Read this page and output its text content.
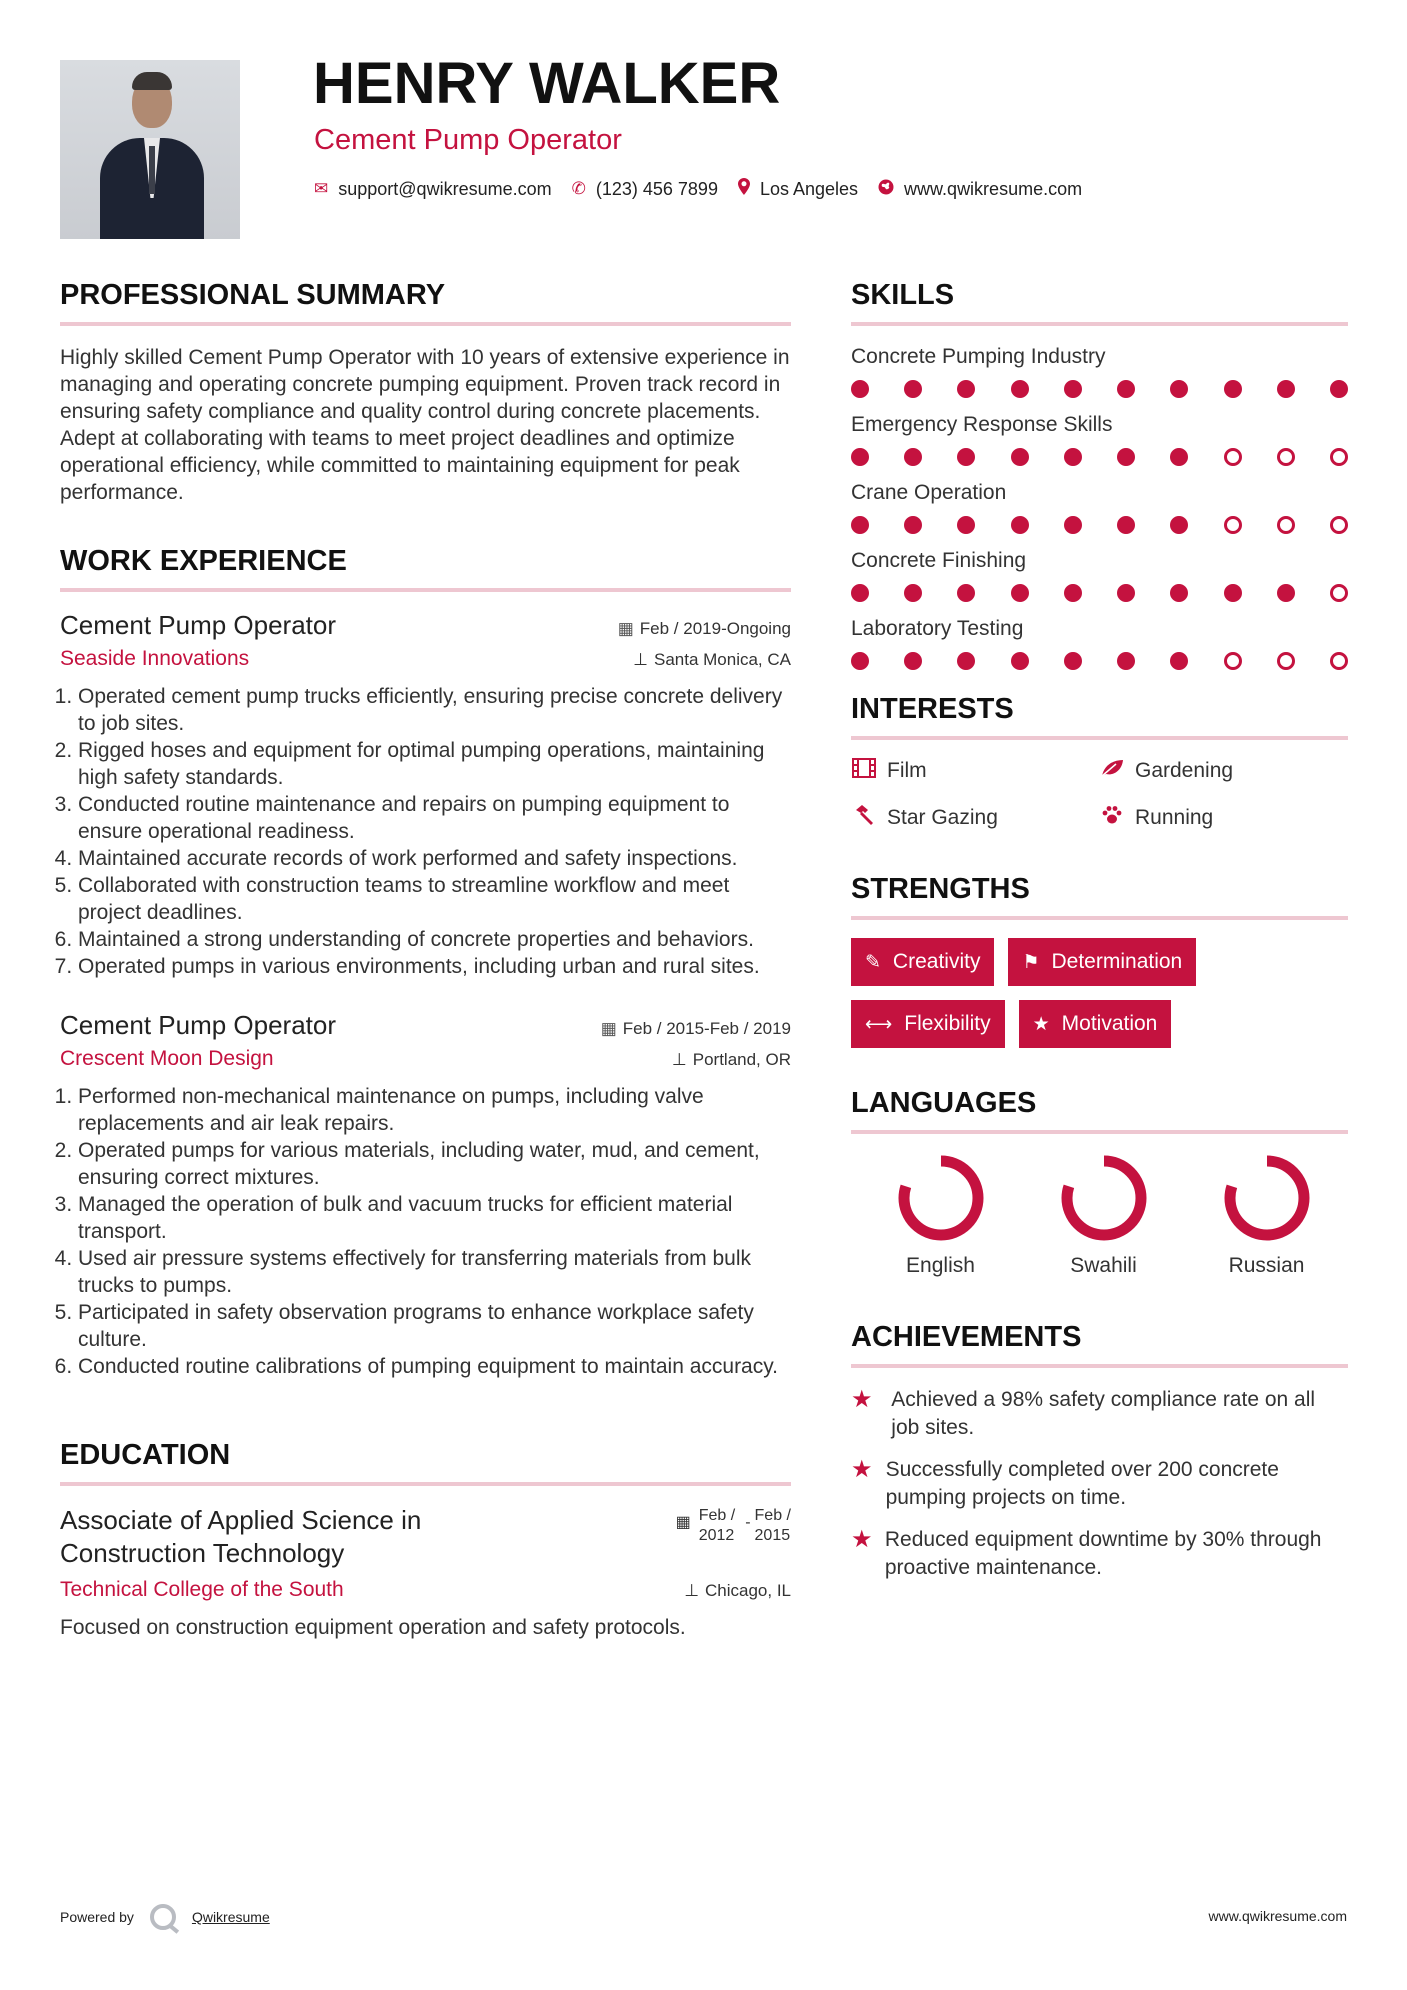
HENRY WALKER
Cement Pump Operator
✉ support@qwikresume.com ✆ (123) 456 7899 Los Angeles	www.qwikresume.com
PROFESSIONAL SUMMARY

Highly skilled Cement Pump Operator with 10 years of extensive experience in managing and operating concrete pumping equipment. Proven track record in ensuring safety compliance and quality control during concrete placements. Adept at collaborating with teams to meet project deadlines and optimize operational efficiency, while committed to maintaining equipment for peak performance.

WORK EXPERIENCE
Cement Pump Operator	▦ Feb / 2019-Ongoing
Seaside Innovations	⊥ Santa Monica, CA
1. Operated cement pump trucks efficiently, ensuring precise concrete delivery to job sites.
2. Rigged hoses and equipment for optimal pumping operations, maintaining high safety standards.
3. Conducted routine maintenance and repairs on pumping equipment to ensure operational readiness.
4. Maintained accurate records of work performed and safety inspections.
5. Collaborated with construction teams to streamline workflow and meet project deadlines.
6. Maintained a strong understanding of concrete properties and behaviors.
7. Operated pumps in various environments, including urban and rural sites.
Cement Pump Operator	▦ Feb / 2015-Feb / 2019
Crescent Moon Design	⊥ Portland, OR
1. Performed non-mechanical maintenance on pumps, including valve replacements and air leak repairs.
2. Operated pumps for various materials, including water, mud, and cement, ensuring correct mixtures.
3. Managed the operation of bulk and vacuum trucks for efficient material transport.
4. Used air pressure systems effectively for transferring materials from bulk trucks to pumps.
5. Participated in safety observation programs to enhance workplace safety culture.
6. Conducted routine calibrations of pumping equipment to maintain accuracy.
EDUCATION
Associate of Applied Science in Construction Technology
▦ Feb /
2012
- Feb /
2015
Technical College of the South	⊥ Chicago, IL

Focused on construction equipment operation and safety protocols.

SKILLS
Concrete Pumping Industry
Emergency Response Skills
Crane Operation
Concrete Finishing
Laboratory Testing
INTERESTS
Film	Gardening
Star Gazing	Running
STRENGTHS
✎ Creativity ⚑ Determination
⟷ Flexibility ★ Motivation
LANGUAGES
English	Swahili	Russian
ACHIEVEMENTS
★ Achieved a 98% safety compliance rate on all job sites.
★ Successfully completed over 200 concrete pumping projects on time.
★ Reduced equipment downtime by 30% through proactive maintenance.
Powered by	Qwikresume	www.qwikresume.com
